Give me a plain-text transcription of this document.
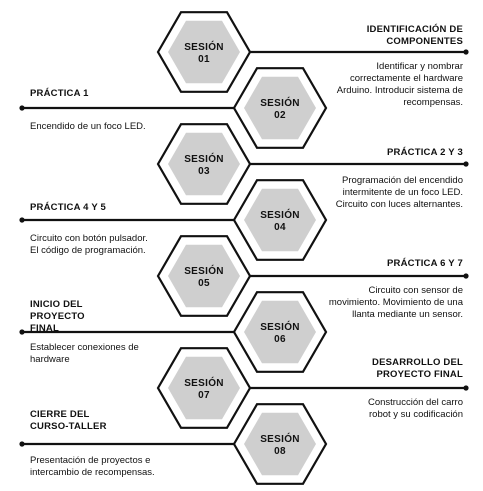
SESIÓN
01
SESIÓN
02
SESIÓN
03
SESIÓN
04
SESIÓN
05
SESIÓN
06
SESIÓN
07
SESIÓN
08
IDENTIFICACIÓN DE COMPONENTES
Identificar y nombrar correctamente el hardware Arduino. Introducir sistema de recompensas.
PRÁCTICA 1
Encendido de un foco LED.
PRÁCTICA 2 Y 3
Programación del encendido intermitente de un foco LED. Circuito con luces alternantes.
PRÁCTICA 4 Y 5
Circuito con botón pulsador. El código de programación.
PRÁCTICA 6 Y 7
Circuito con sensor de movimiento. Movimiento de una llanta mediante un sensor.
INICIO DEL PROYECTO FINAL
Establecer conexiones de hardware	DESARROLLO DEL PROYECTO FINAL
Construcción del carro robot y su codificación
CIERRE DEL CURSO-TALLER
Presentación de proyectos e intercambio de recompensas.
